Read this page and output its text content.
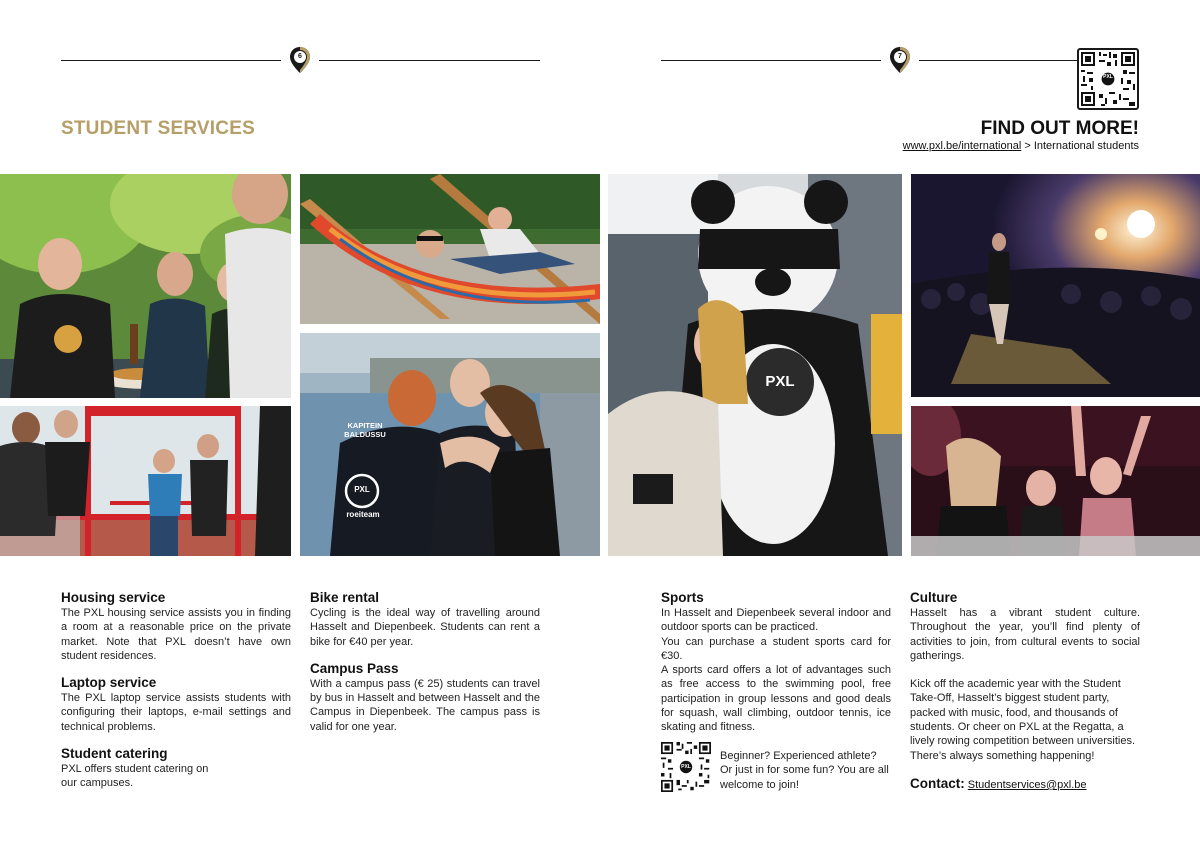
6	7
PXL
STUDENT SERVICES	FIND OUT MORE!
www.pxl.be/international > International students
PXL
KAPITEIN BALDUSSU
PXL
roeiteam
Housing service

The PXL housing service assists you in finding a room at a reasonable price on the private market. Note that PXL doesn’t have own student residences.

Laptop service

The PXL laptop service assists students with configuring their laptops, e-mail settings and technical problems.

Student catering

PXL offers student catering on our campuses.

Bike rental

Cycling is the ideal way of travelling around Hasselt and Diepenbeek. Students can rent a bike for €40 per year.

Campus Pass

With a campus pass (€ 25) students can travel by bus in Hasselt and between Hasselt and the Campus in Diepenbeek. The campus pass is valid for one year.

Sports

In Hasselt and Diepenbeek several indoor and outdoor sports can be practiced.

You can purchase a student sports card for €30.

A sports card offers a lot of advantages such as free access to the swimming pool, free participation in group lessons and good deals for squash, wall climbing, outdoor tennis, ice skating and fitness.

PXL

Beginner? Experienced athlete? Or just in for some fun? You are all welcome to join!

Culture

Hasselt has a vibrant student culture. Throughout the year, you’ll find plenty of activities to join, from cultural events to social gatherings.

Kick off the academic year with the Student Take-Off, Hasselt’s biggest student party, packed with music, food, and thousands of students. Or cheer on PXL at the Regatta, a lively rowing competition between universities. There’s always something happening!

Contact: Studentservices@pxl.be
